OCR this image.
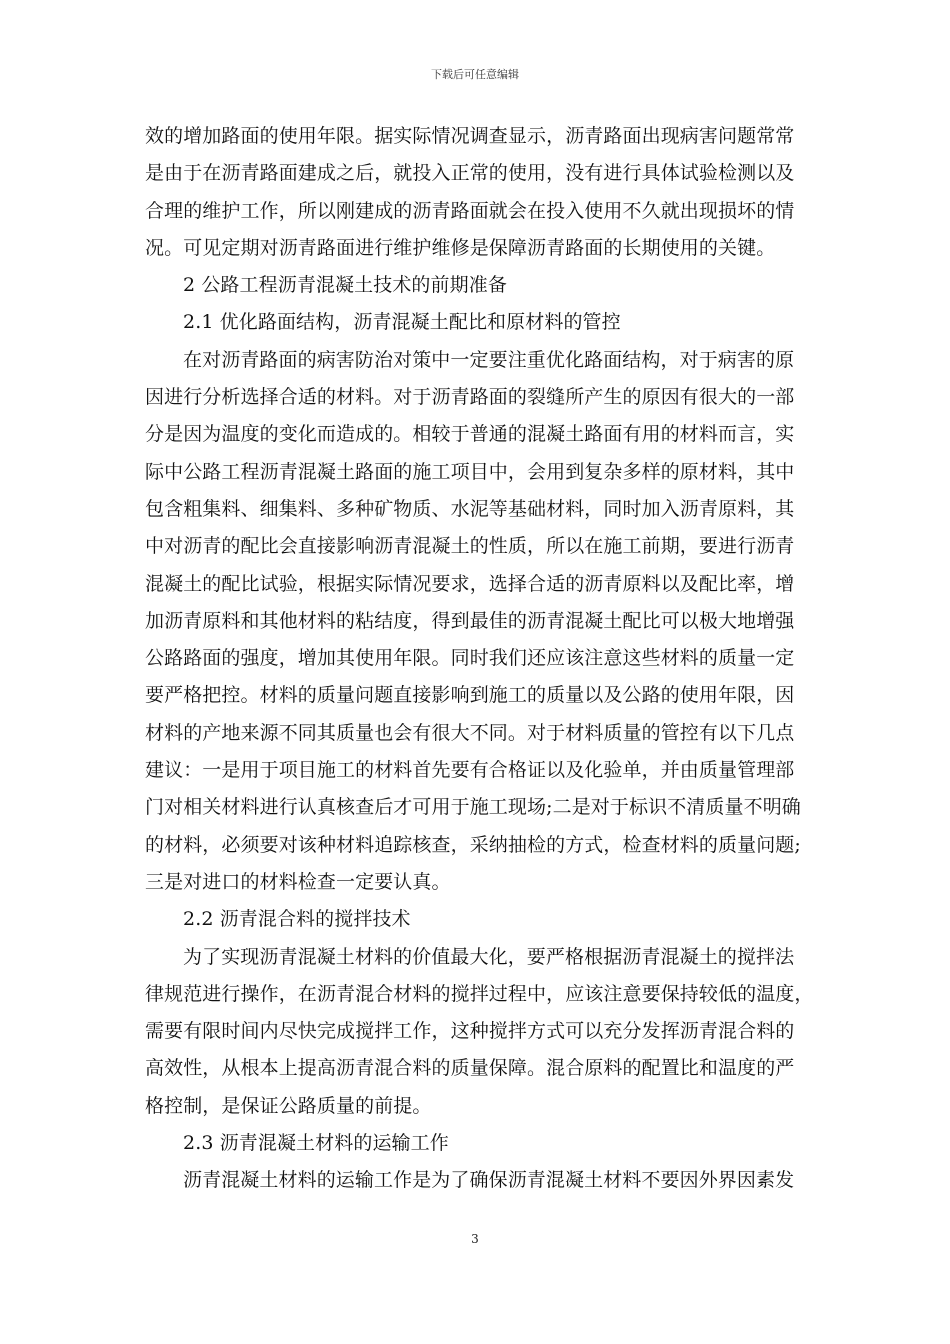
下载后可任意编辑
效的增加路面的使用年限。据实际情况调查显示，沥青路面出现病害问题常常
是由于在沥青路面建成之后，就投入正常的使用，没有进行具体试验检测以及
合理的维护工作，所以刚建成的沥青路面就会在投入使用不久就出现损坏的情
况。可见定期对沥青路面进行维护维修是保障沥青路面的长期使用的关键。
2 公路工程沥青混凝土技术的前期准备
2.1 优化路面结构，沥青混凝土配比和原材料的管控
在对沥青路面的病害防治对策中一定要注重优化路面结构，对于病害的原
因进行分析选择合适的材料。对于沥青路面的裂缝所产生的原因有很大的一部
分是因为温度的变化而造成的。相较于普通的混凝土路面有用的材料而言，实
际中公路工程沥青混凝土路面的施工项目中，会用到复杂多样的原材料，其中
包含粗集料、细集料、多种矿物质、水泥等基础材料，同时加入沥青原料，其
中对沥青的配比会直接影响沥青混凝土的性质，所以在施工前期，要进行沥青
混凝土的配比试验，根据实际情况要求，选择合适的沥青原料以及配比率，增
加沥青原料和其他材料的粘结度，得到最佳的沥青混凝土配比可以极大地增强
公路路面的强度，增加其使用年限。同时我们还应该注意这些材料的质量一定
要严格把控。材料的质量问题直接影响到施工的质量以及公路的使用年限，因
材料的产地来源不同其质量也会有很大不同。对于材料质量的管控有以下几点
建议：一是用于项目施工的材料首先要有合格证以及化验单，并由质量管理部
门对相关材料进行认真核查后才可用于施工现场;二是对于标识不清质量不明确
的材料，必须要对该种材料追踪核查，采纳抽检的方式，检查材料的质量问题;
三是对进口的材料检查一定要认真。
2.2 沥青混合料的搅拌技术
为了实现沥青混凝土材料的价值最大化，要严格根据沥青混凝土的搅拌法
律规范进行操作，在沥青混合材料的搅拌过程中，应该注意要保持较低的温度，
需要有限时间内尽快完成搅拌工作，这种搅拌方式可以充分发挥沥青混合料的
高效性，从根本上提高沥青混合料的质量保障。混合原料的配置比和温度的严
格控制，是保证公路质量的前提。
2.3 沥青混凝土材料的运输工作
沥青混凝土材料的运输工作是为了确保沥青混凝土材料不要因外界因素发
3
